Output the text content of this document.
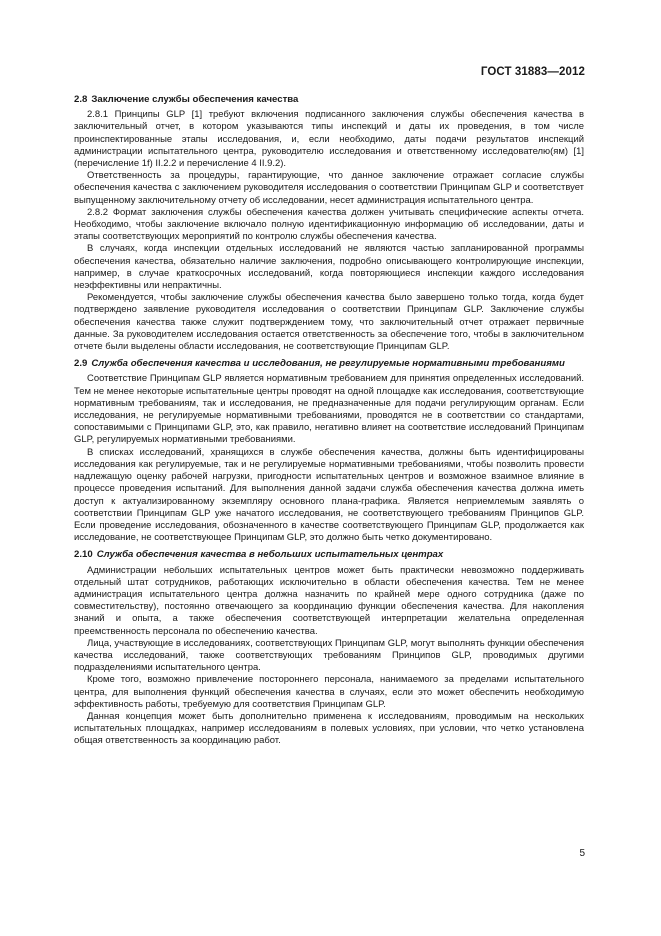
ГОСТ 31883—2012
2.8 Заключение службы обеспечения качества

2.8.1 Принципы GLP [1] требуют включения подписанного заключения службы обеспечения качества в заключительный отчет, в котором указываются типы инспекций и даты их проведения, в том числе проинспектированные этапы исследования, и, если необходимо, даты подачи результатов инспекций администрации испытательного центра, руководителю исследования и ответственному исследователю(ям) [1] (перечисление 1f) II.2.2 и перечисление 4 II.9.2).

Ответственность за процедуры, гарантирующие, что данное заключение отражает согласие службы обеспечения качества с заключением руководителя исследования о соответствии Принципам GLP и соответствует выпущенному заключительному отчету об исследовании, несет администрация испытательного центра.

2.8.2 Формат заключения службы обеспечения качества должен учитывать специфические аспекты отчета. Необходимо, чтобы заключение включало полную идентификационную информацию об исследовании, даты и этапы соответствующих мероприятий по контролю службы обеспечения качества.

В случаях, когда инспекции отдельных исследований не являются частью запланированной программы обеспечения качества, обязательно наличие заключения, подробно описывающего контролирующие инспекции, например, в случае краткосрочных исследований, когда повторяющиеся инспекции каждого исследования неэффективны или непрактичны.

Рекомендуется, чтобы заключение службы обеспечения качества было завершено только тогда, когда будет подтверждено заявление руководителя исследования о соответствии Принципам GLP. Заключение службы обеспечения качества также служит подтверждением тому, что заключительный отчет отражает первичные данные. За руководителем исследования остается ответственность за обеспечение того, чтобы в заключительном отчете были выделены области исследования, не соответствующие Принципам GLP.

2.9 Служба обеспечения качества и исследования, не регулируемые нормативными требованиями

Соответствие Принципам GLP является нормативным требованием для принятия определенных исследований. Тем не менее некоторые испытательные центры проводят на одной площадке как исследования, соответствующие нормативным требованиям, так и исследования, не предназначенные для подачи регулирующим органам. Если исследования, не регулируемые нормативными требованиями, проводятся не в соответствии со стандартами, сопоставимыми с Принципами GLP, это, как правило, негативно влияет на соответствие исследований Принципам GLP, регулируемых нормативными требованиями.

В списках исследований, хранящихся в службе обеспечения качества, должны быть идентифицированы исследования как регулируемые, так и не регулируемые нормативными требованиями, чтобы позволить провести надлежащую оценку рабочей нагрузки, пригодности испытательных центров и возможное взаимное влияние в процессе проведения испытаний. Для выполнения данной задачи служба обеспечения качества должна иметь доступ к актуализированному экземпляру основного плана-графика. Является неприемлемым заявлять о соответствии Принципам GLP уже начатого исследования, не соответствующего требованиям Принципов GLP. Если проведение исследования, обозначенного в качестве соответствующего Принципам GLP, продолжается как исследование, не соответствующее Принципам GLP, это должно быть четко документировано.

2.10 Служба обеспечения качества в небольших испытательных центрах

Администрации небольших испытательных центров может быть практически невозможно поддерживать отдельный штат сотрудников, работающих исключительно в области обеспечения качества. Тем не менее администрация испытательного центра должна назначить по крайней мере одного сотрудника (даже по совместительству), постоянно отвечающего за координацию функции обеспечения качества. Для накопления знаний и опыта, а также обеспечения соответствующей интерпретации желательна определенная преемственность персонала по обеспечению качества.

Лица, участвующие в исследованиях, соответствующих Принципам GLP, могут выполнять функции обеспечения качества исследований, также соответствующих требованиям Принципов GLP, проводимых другими подразделениями испытательного центра.

Кроме того, возможно привлечение постороннего персонала, нанимаемого за пределами испытательного центра, для выполнения функций обеспечения качества в случаях, если это может обеспечить необходимую эффективность работы, требуемую для соответствия Принципам GLP.

Данная концепция может быть дополнительно применена к исследованиям, проводимым на нескольких испытательных площадках, например исследованиям в полевых условиях, при условии, что четко установлена общая ответственность за координацию работ.

5
